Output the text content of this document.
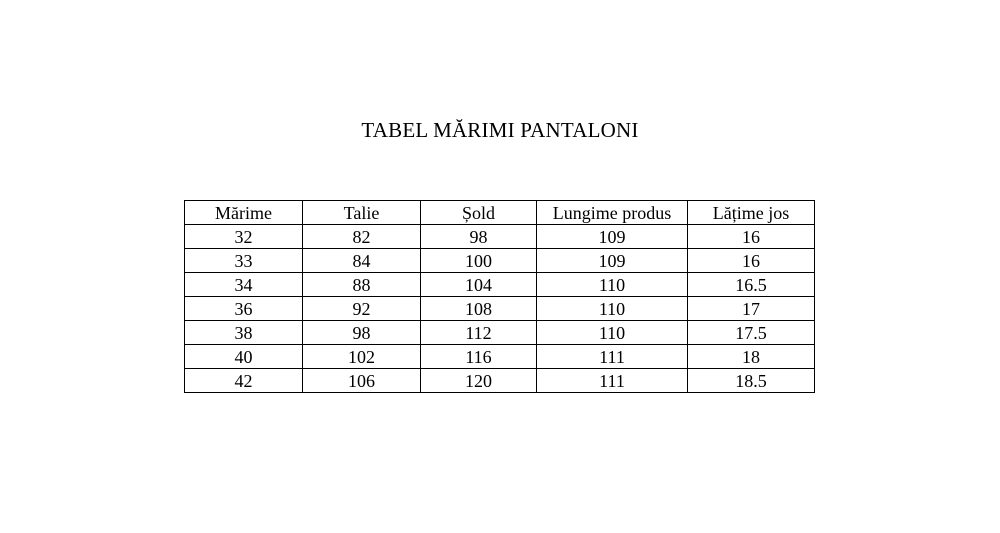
TABEL MĂRIMI PANTALONI
Mărime	Talie	Șold	Lungime produs	Lățime jos
32	82	98	109	16
33	84	100	109	16
34	88	104	110	16.5
36	92	108	110	17
38	98	112	110	17.5
40	102	116	111	18
42	106	120	111	18.5
